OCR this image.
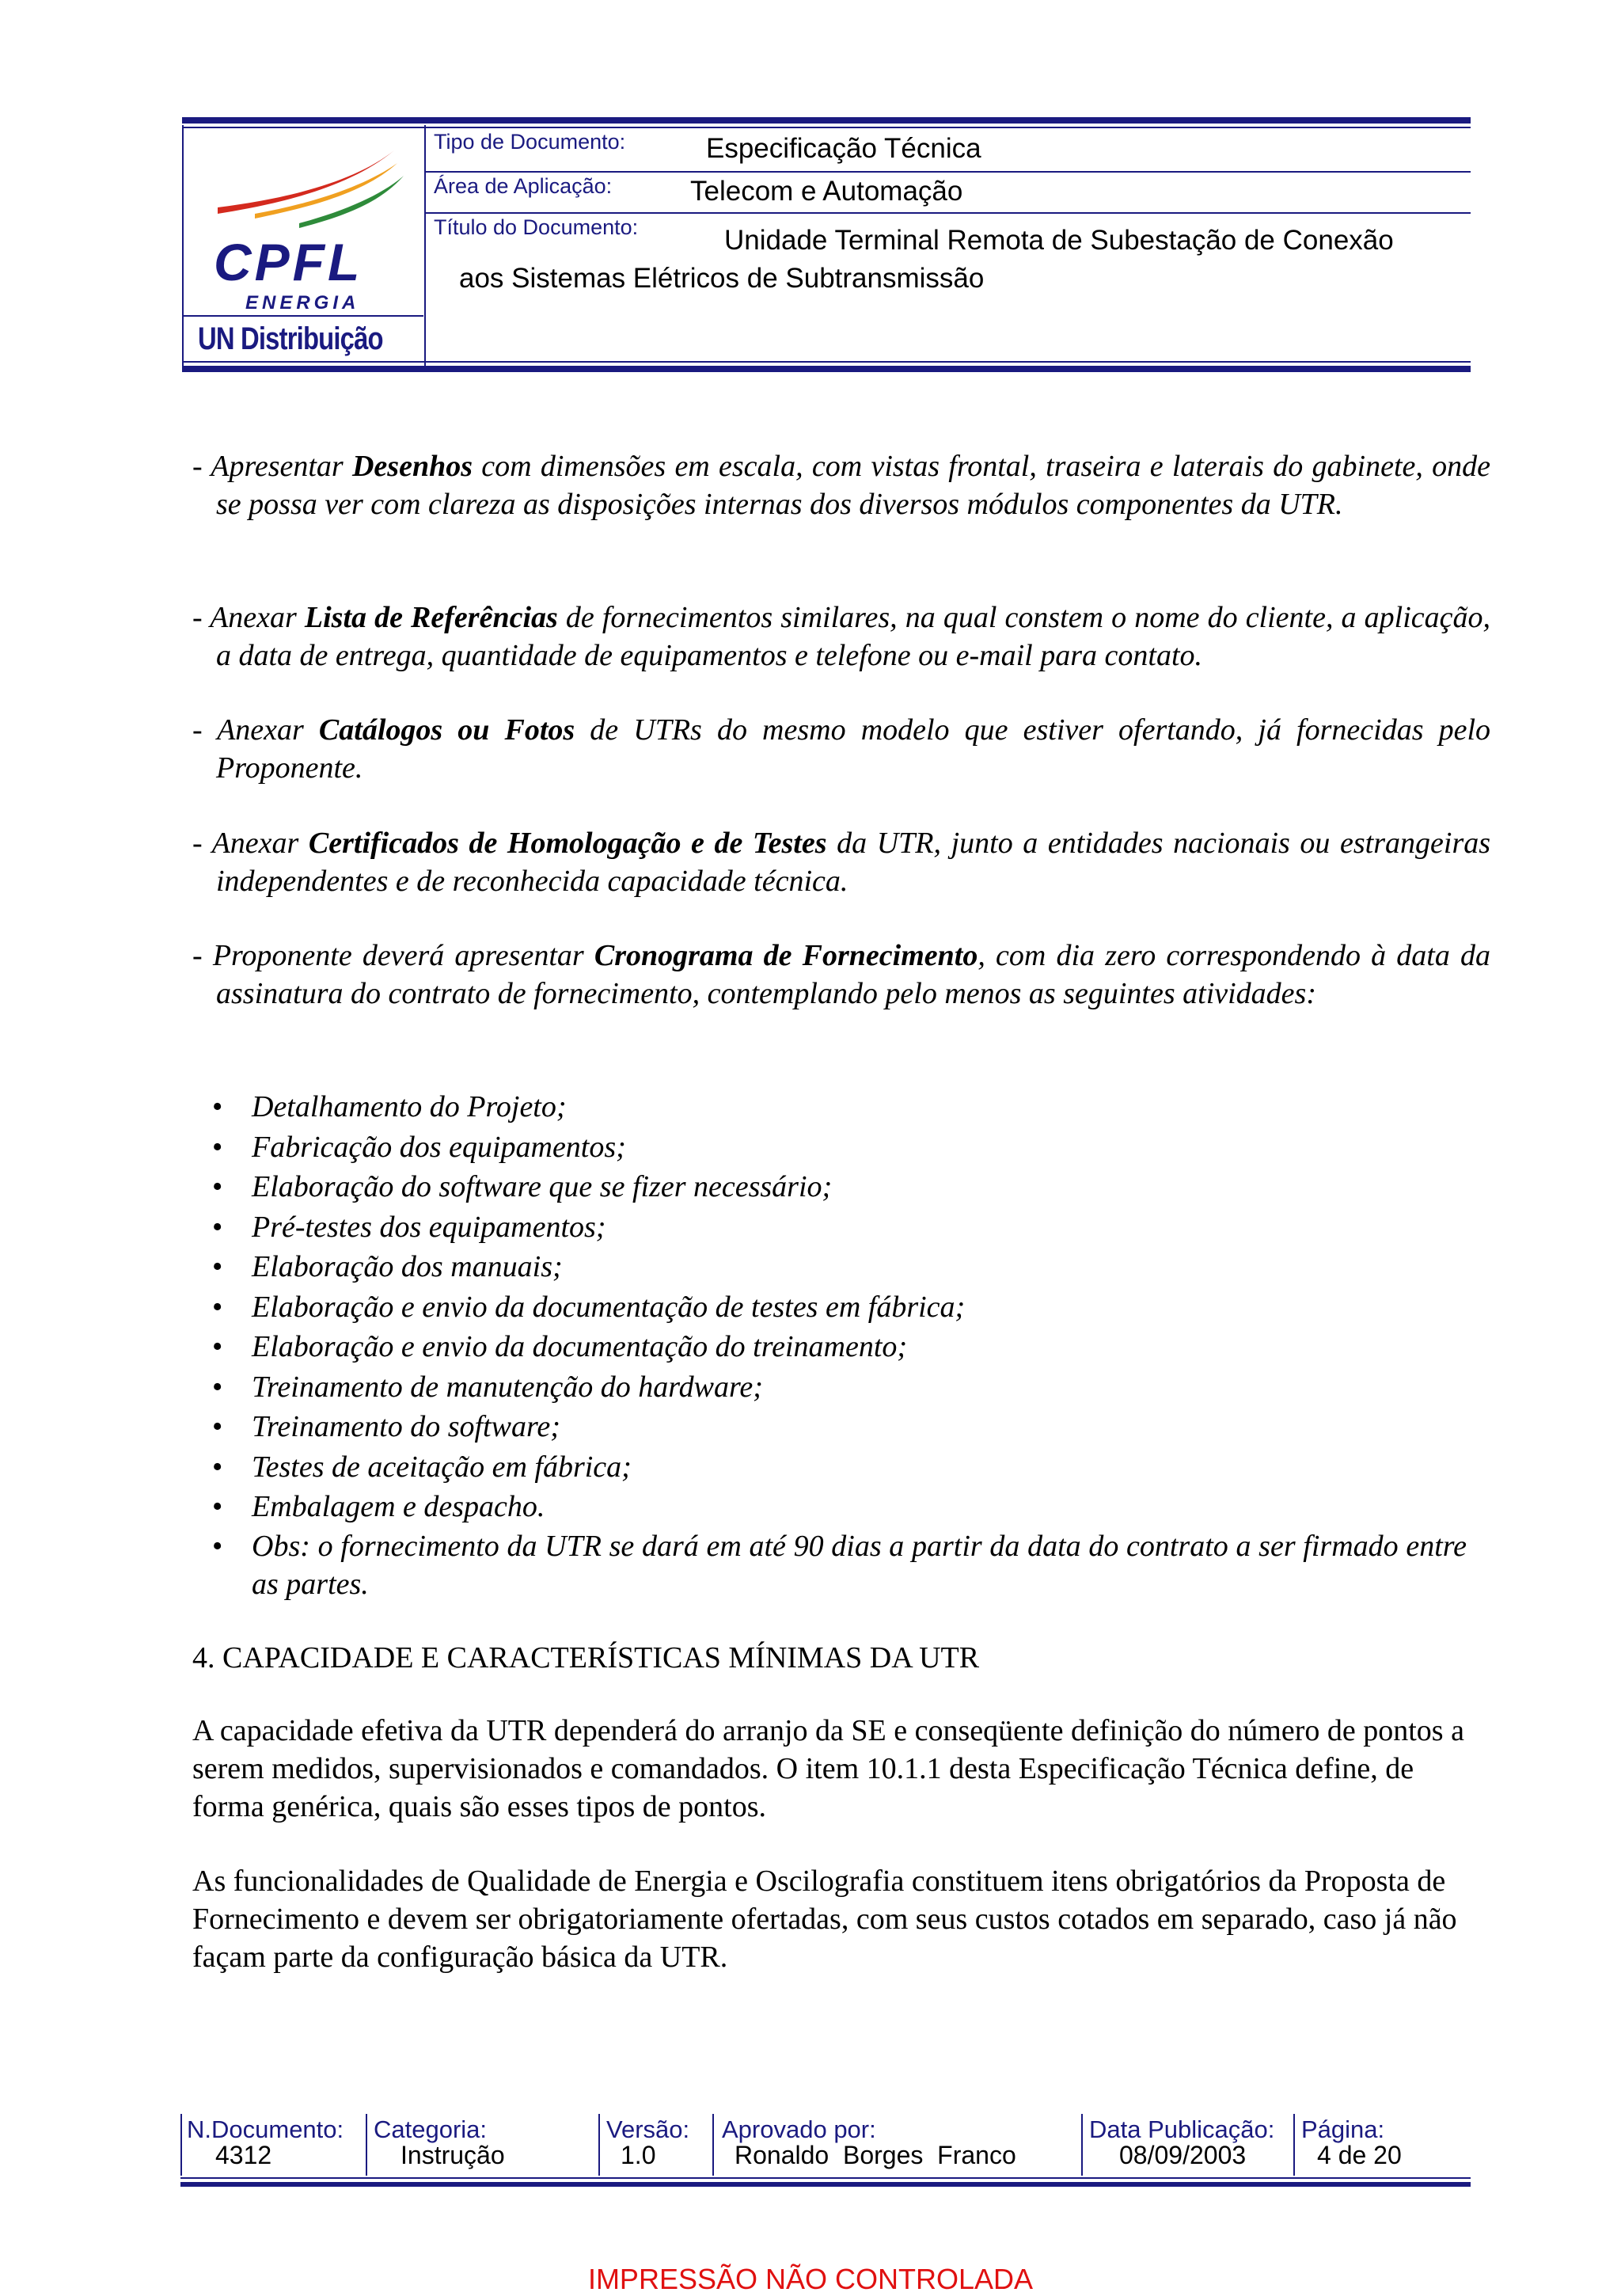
CPFL
ENERGIA
UN Distribuição
Tipo de Documento:	Especificação Técnica
Área de Aplicação:	Telecom e Automação
Título do Documento:	Unidade Terminal Remota de Subestação de Conexão
aos Sistemas Elétricos de Subtransmissão
- Apresentar Desenhos com dimensões em escala, com vistas frontal, traseira e laterais do gabinete, onde se possa ver com clareza as disposições internas dos diversos módulos componentes da UTR.
- Anexar Lista de Referências de fornecimentos similares, na qual constem o nome do cliente, a aplicação, a data de entrega, quantidade de equipamentos e telefone ou e-mail para contato.
- Anexar Catálogos ou Fotos de UTRs do mesmo modelo que estiver ofertando, já fornecidas pelo Proponente.
- Anexar Certificados de Homologação e de Testes da UTR, junto a entidades nacionais ou estrangeiras independentes e de reconhecida capacidade técnica.
- Proponente deverá apresentar Cronograma de Fornecimento, com dia zero correspondendo à data da assinatura do contrato de fornecimento, contemplando pelo menos as seguintes atividades:
• Detalhamento do Projeto;
• Fabricação dos equipamentos;
• Elaboração do software que se fizer necessário;
• Pré-testes dos equipamentos;
• Elaboração dos manuais;
• Elaboração e envio da documentação de testes em fábrica;
• Elaboração e envio da documentação do treinamento;
• Treinamento de manutenção do hardware;
• Treinamento do software;
• Testes de aceitação em fábrica;
• Embalagem e despacho.
• Obs: o fornecimento da UTR se dará em até 90 dias a partir da data do contrato a ser firmado entre as partes.
4. CAPACIDADE E CARACTERÍSTICAS MÍNIMAS DA UTR
A capacidade efetiva da UTR dependerá do arranjo da SE e conseqüente definição do número de pontos a serem medidos, supervisionados e comandados. O item 10.1.1 desta Especificação Técnica define, de forma genérica, quais são esses tipos de pontos.
As funcionalidades de Qualidade de Energia e Oscilografia constituem itens obrigatórios da Proposta de Fornecimento e devem ser obrigatoriamente ofertadas, com seus custos cotados em separado, caso já não façam parte da configuração básica da UTR.
N.Documento:
4312
Categoria:
Instrução
Versão:
1.0
Aprovado por:
Ronaldo  Borges  Franco
Data Publicação:
08/09/2003
Página:
4 de 20
IMPRESSÃO NÃO CONTROLADA
